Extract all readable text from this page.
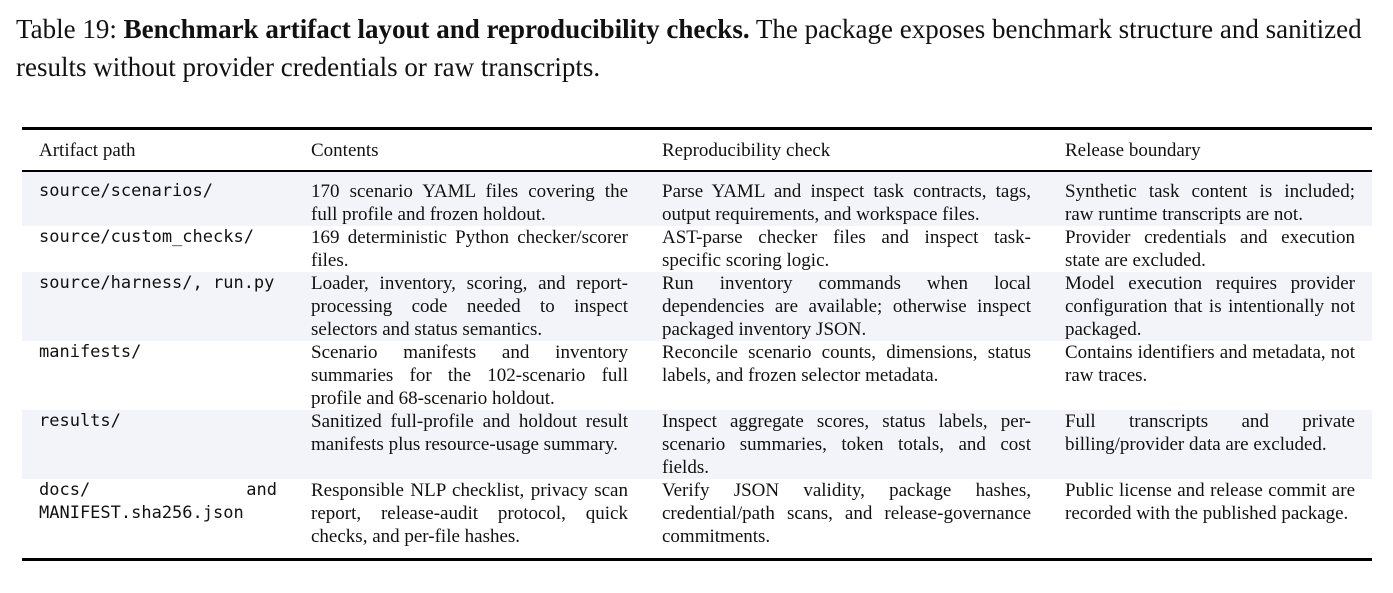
Table 19: Benchmark artifact layout and reproducibility checks. The package exposes benchmark structure and sanitized results without provider credentials or raw transcripts.
Artifact path	Contents	Reproducibility check	Release boundary
source/scenarios/	170 scenario YAML files covering the full profile and frozen holdout.	Parse YAML and inspect task contracts, tags, output requirements, and workspace files.	Synthetic task content is included; raw runtime transcripts are not.
source/custom_checks/	169 deterministic Python checker/scorer files.	AST-parse checker files and inspect task-specific scoring logic.	Provider credentials and execution state are excluded.
source/harness/, run.py	Loader, inventory, scoring, and report-processing code needed to inspect selectors and status semantics.	Run inventory commands when local dependencies are available; otherwise inspect packaged inventory JSON.	Model execution requires provider configuration that is intentionally not packaged.
manifests/	Scenario manifests and inventory summaries for the 102-scenario full profile and 68-scenario holdout.	Reconcile scenario counts, dimensions, status labels, and frozen selector metadata.	Contains identifiers and metadata, not raw traces.
results/	Sanitized full-profile and holdout result manifests plus resource-usage summary.	Inspect aggregate scores, status labels, per-scenario summaries, token totals, and cost fields.	Full transcripts and private billing/provider data are excluded.
docs/ and MANIFEST.sha256.json	Responsible NLP checklist, privacy scan report, release-audit protocol, quick checks, and per-file hashes.	Verify JSON validity, package hashes, credential/path scans, and release-governance commitments.	Public license and release commit are recorded with the published package.
